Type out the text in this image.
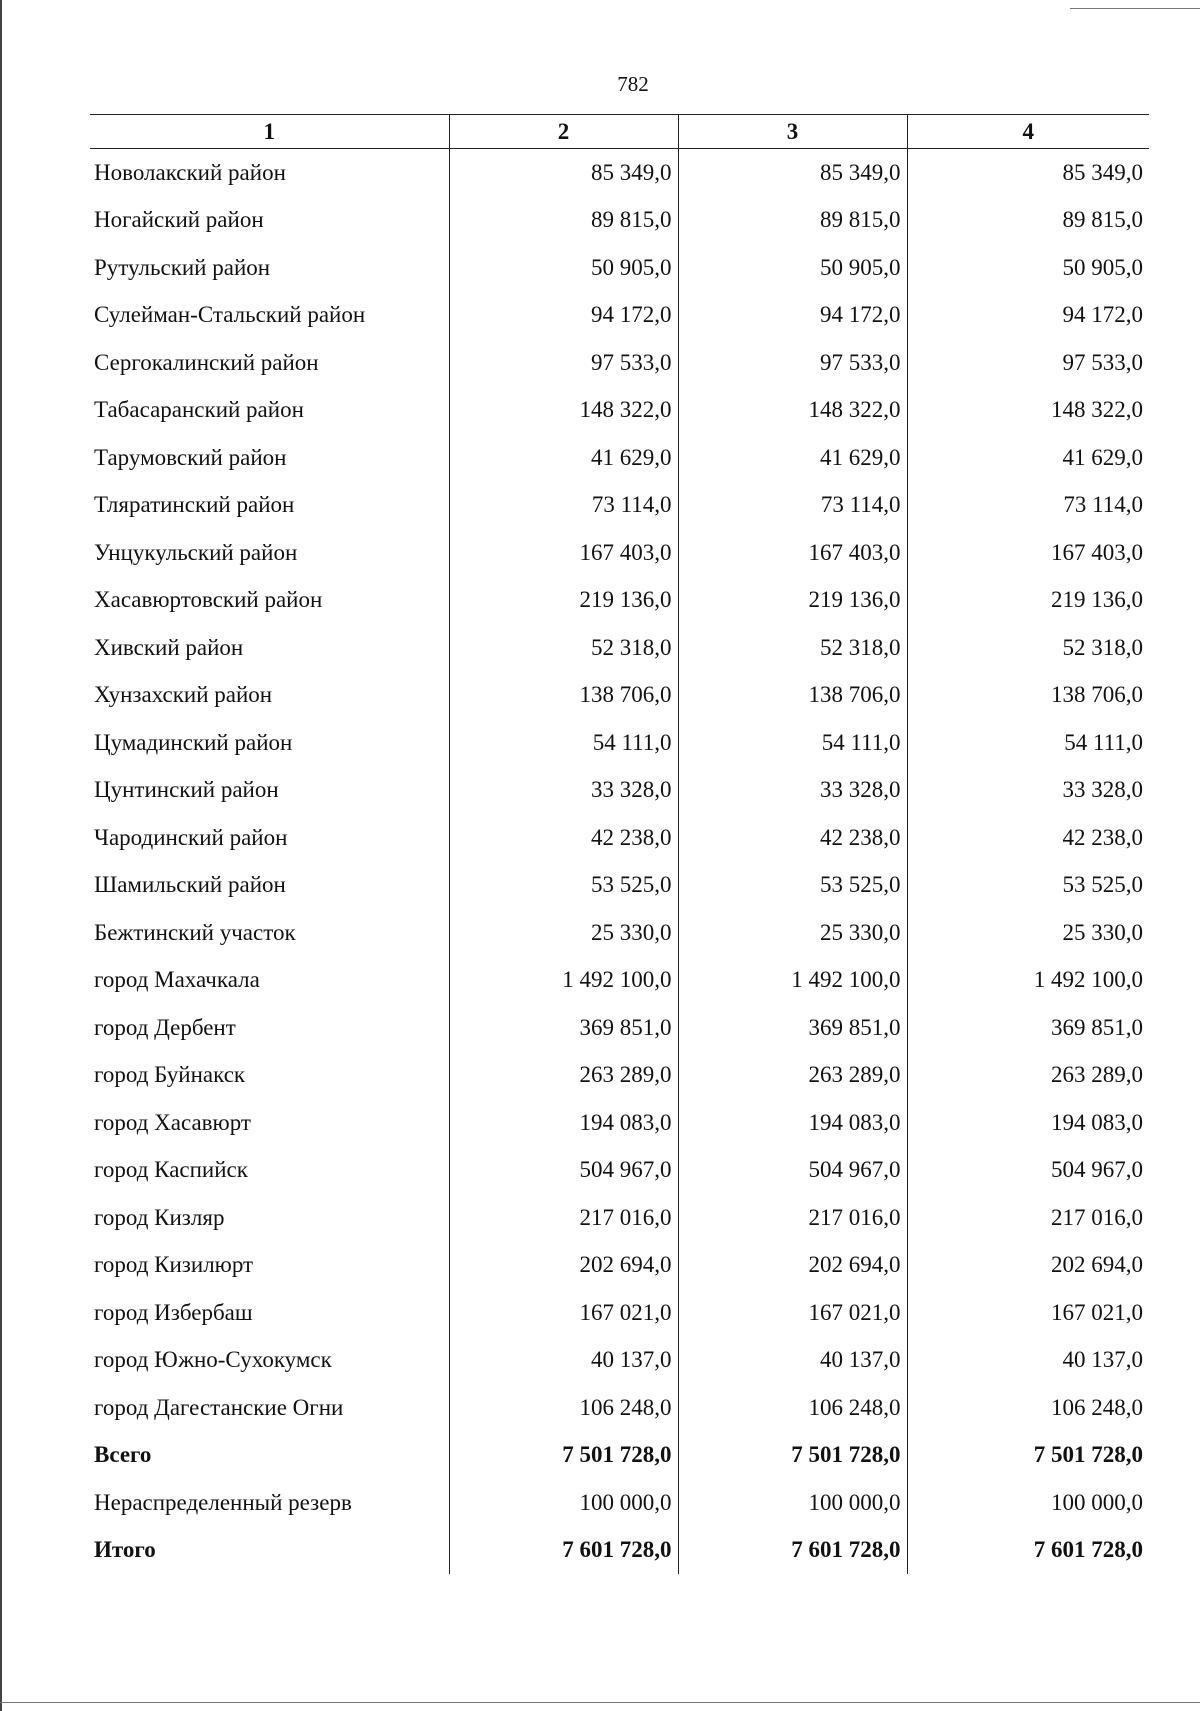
782
1	2	3	4
Новолакский район	85 349,0	85 349,0	85 349,0
Ногайский район	89 815,0	89 815,0	89 815,0
Рутульский район	50 905,0	50 905,0	50 905,0
Сулейман-Стальский район	94 172,0	94 172,0	94 172,0
Сергокалинский район	97 533,0	97 533,0	97 533,0
Табасаранский район	148 322,0	148 322,0	148 322,0
Тарумовский район	41 629,0	41 629,0	41 629,0
Тляратинский район	73 114,0	73 114,0	73 114,0
Унцукульский район	167 403,0	167 403,0	167 403,0
Хасавюртовский район	219 136,0	219 136,0	219 136,0
Хивский район	52 318,0	52 318,0	52 318,0
Хунзахский район	138 706,0	138 706,0	138 706,0
Цумадинский район	54 111,0	54 111,0	54 111,0
Цунтинский район	33 328,0	33 328,0	33 328,0
Чародинский район	42 238,0	42 238,0	42 238,0
Шамильский район	53 525,0	53 525,0	53 525,0
Бежтинский участок	25 330,0	25 330,0	25 330,0
город Махачкала	1 492 100,0	1 492 100,0	1 492 100,0
город Дербент	369 851,0	369 851,0	369 851,0
город Буйнакск	263 289,0	263 289,0	263 289,0
город Хасавюрт	194 083,0	194 083,0	194 083,0
город Каспийск	504 967,0	504 967,0	504 967,0
город Кизляр	217 016,0	217 016,0	217 016,0
город Кизилюрт	202 694,0	202 694,0	202 694,0
город Избербаш	167 021,0	167 021,0	167 021,0
город Южно-Сухокумск	40 137,0	40 137,0	40 137,0
город Дагестанские Огни	106 248,0	106 248,0	106 248,0
Всего	7 501 728,0	7 501 728,0	7 501 728,0
Нераспределенный резерв	100 000,0	100 000,0	100 000,0
Итого	7 601 728,0	7 601 728,0	7 601 728,0
